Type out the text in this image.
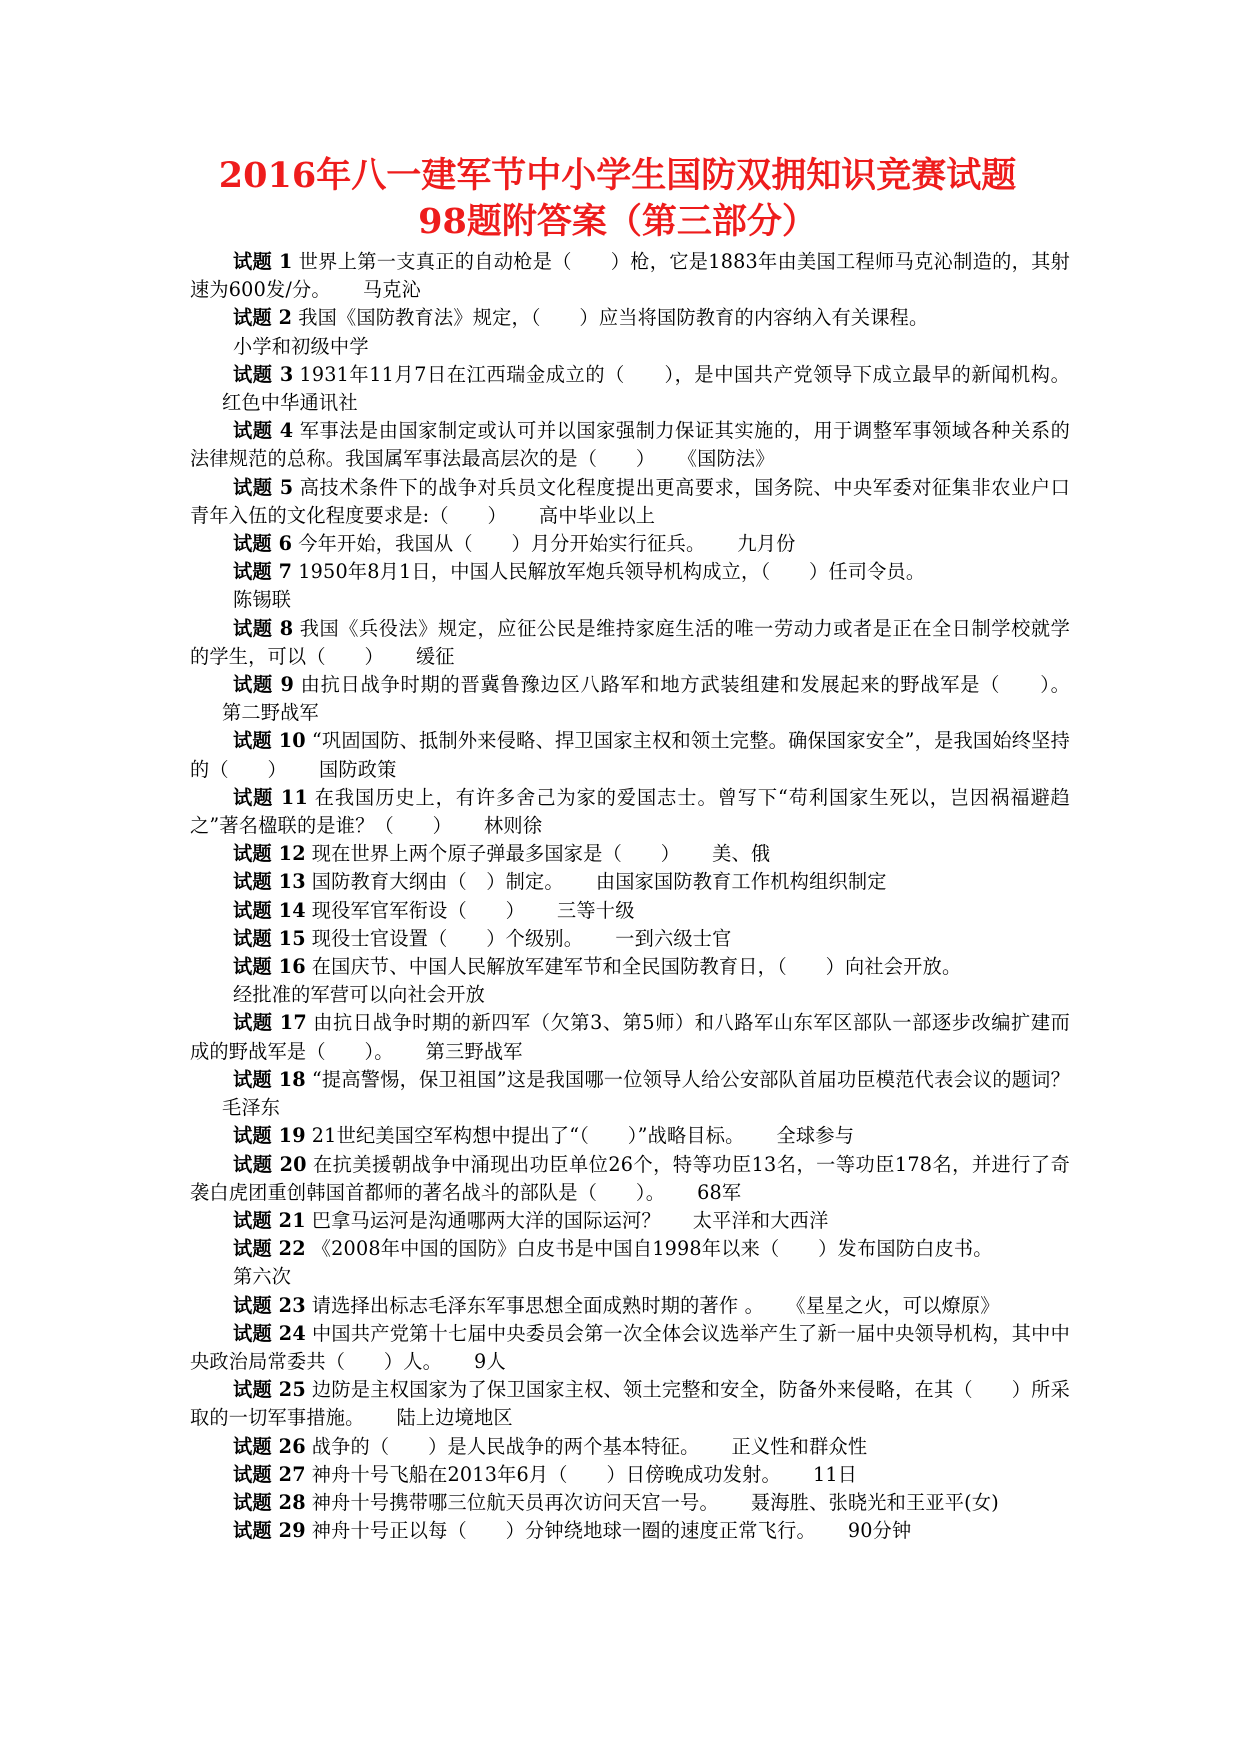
2016年八一建军节中小学生国防双拥知识竞赛试题
98题附答案（第三部分）

试题 1 世界上第一支真正的自动枪是（　　）枪，它是1883年由美国工程师马克沁制造的，其射速为600发/分。 马克沁

试题 2 我国《国防教育法》规定，（　　）应当将国防教育的内容纳入有关课程。
小学和初级中学

试题 3 1931年11月7日在江西瑞金成立的（　　），是中国共产党领导下成立最早的新闻机构。红色中华通讯社

试题 4 军事法是由国家制定或认可并以国家强制力保证其实施的，用于调整军事领域各种关系的法律规范的总称。我国属军事法最高层次的是（　　） 《国防法》

试题 5 高技术条件下的战争对兵员文化程度提出更高要求，国务院、中央军委对征集非农业户口青年入伍的文化程度要求是:（　　） 高中毕业以上

试题 6 今年开始，我国从（　　）月分开始实行征兵。 九月份

试题 7 1950年8月1日，中国人民解放军炮兵领导机构成立，（　　）任司令员。
陈锡联

试题 8 我国《兵役法》规定，应征公民是维持家庭生活的唯一劳动力或者是正在全日制学校就学的学生，可以（　　） 缓征

试题 9 由抗日战争时期的晋冀鲁豫边区八路军和地方武装组建和发展起来的野战军是（　　）。第二野战军

试题 10 “巩固国防、抵制外来侵略、捍卫国家主权和领土完整。确保国家安全”，是我国始终坚持的（　　） 国防政策

试题 11 在我国历史上，有许多舍己为家的爱国志士。曾写下“苟利国家生死以，岂因祸福避趋之”著名楹联的是谁？（　　） 林则徐

试题 12 现在世界上两个原子弹最多国家是（　　） 美、俄

试题 13 国防教育大纲由（　）制定。 由国家国防教育工作机构组织制定

试题 14 现役军官军衔设（　　） 三等十级

试题 15 现役士官设置（　　）个级别。 一到六级士官

试题 16 在国庆节、中国人民解放军建军节和全民国防教育日，（　　）向社会开放。
经批准的军营可以向社会开放

试题 17 由抗日战争时期的新四军（欠第3、第5师）和八路军山东军区部队一部逐步改编扩建而成的野战军是（　　）。 第三野战军

试题 18 “提高警惕，保卫祖国”这是我国哪一位领导人给公安部队首届功臣模范代表会议的题词？毛泽东

试题 19 21世纪美国空军构想中提出了“（　　）”战略目标。 全球参与

试题 20 在抗美援朝战争中涌现出功臣单位26个，特等功臣13名，一等功臣178名，并进行了奇袭白虎团重创韩国首都师的著名战斗的部队是（　　）。 68军

试题 21 巴拿马运河是沟通哪两大洋的国际运河？ 太平洋和大西洋

试题 22 《2008年中国的国防》白皮书是中国自1998年以来（　　）发布国防白皮书。
第六次

试题 23 请选择出标志毛泽东军事思想全面成熟时期的著作 。 《星星之火，可以燎原》

试题 24 中国共产党第十七届中央委员会第一次全体会议选举产生了新一届中央领导机构，其中中央政治局常委共（　　）人。 9人

试题 25 边防是主权国家为了保卫国家主权、领土完整和安全，防备外来侵略，在其（　　）所采取的一切军事措施。 陆上边境地区

试题 26 战争的（　　）是人民战争的两个基本特征。 正义性和群众性

试题 27 神舟十号飞船在2013年6月（　　）日傍晚成功发射。 11日

试题 28 神舟十号携带哪三位航天员再次访问天宫一号。 聂海胜、张晓光和王亚平(女)

试题 29 神舟十号正以每（　　）分钟绕地球一圈的速度正常飞行。 90分钟
